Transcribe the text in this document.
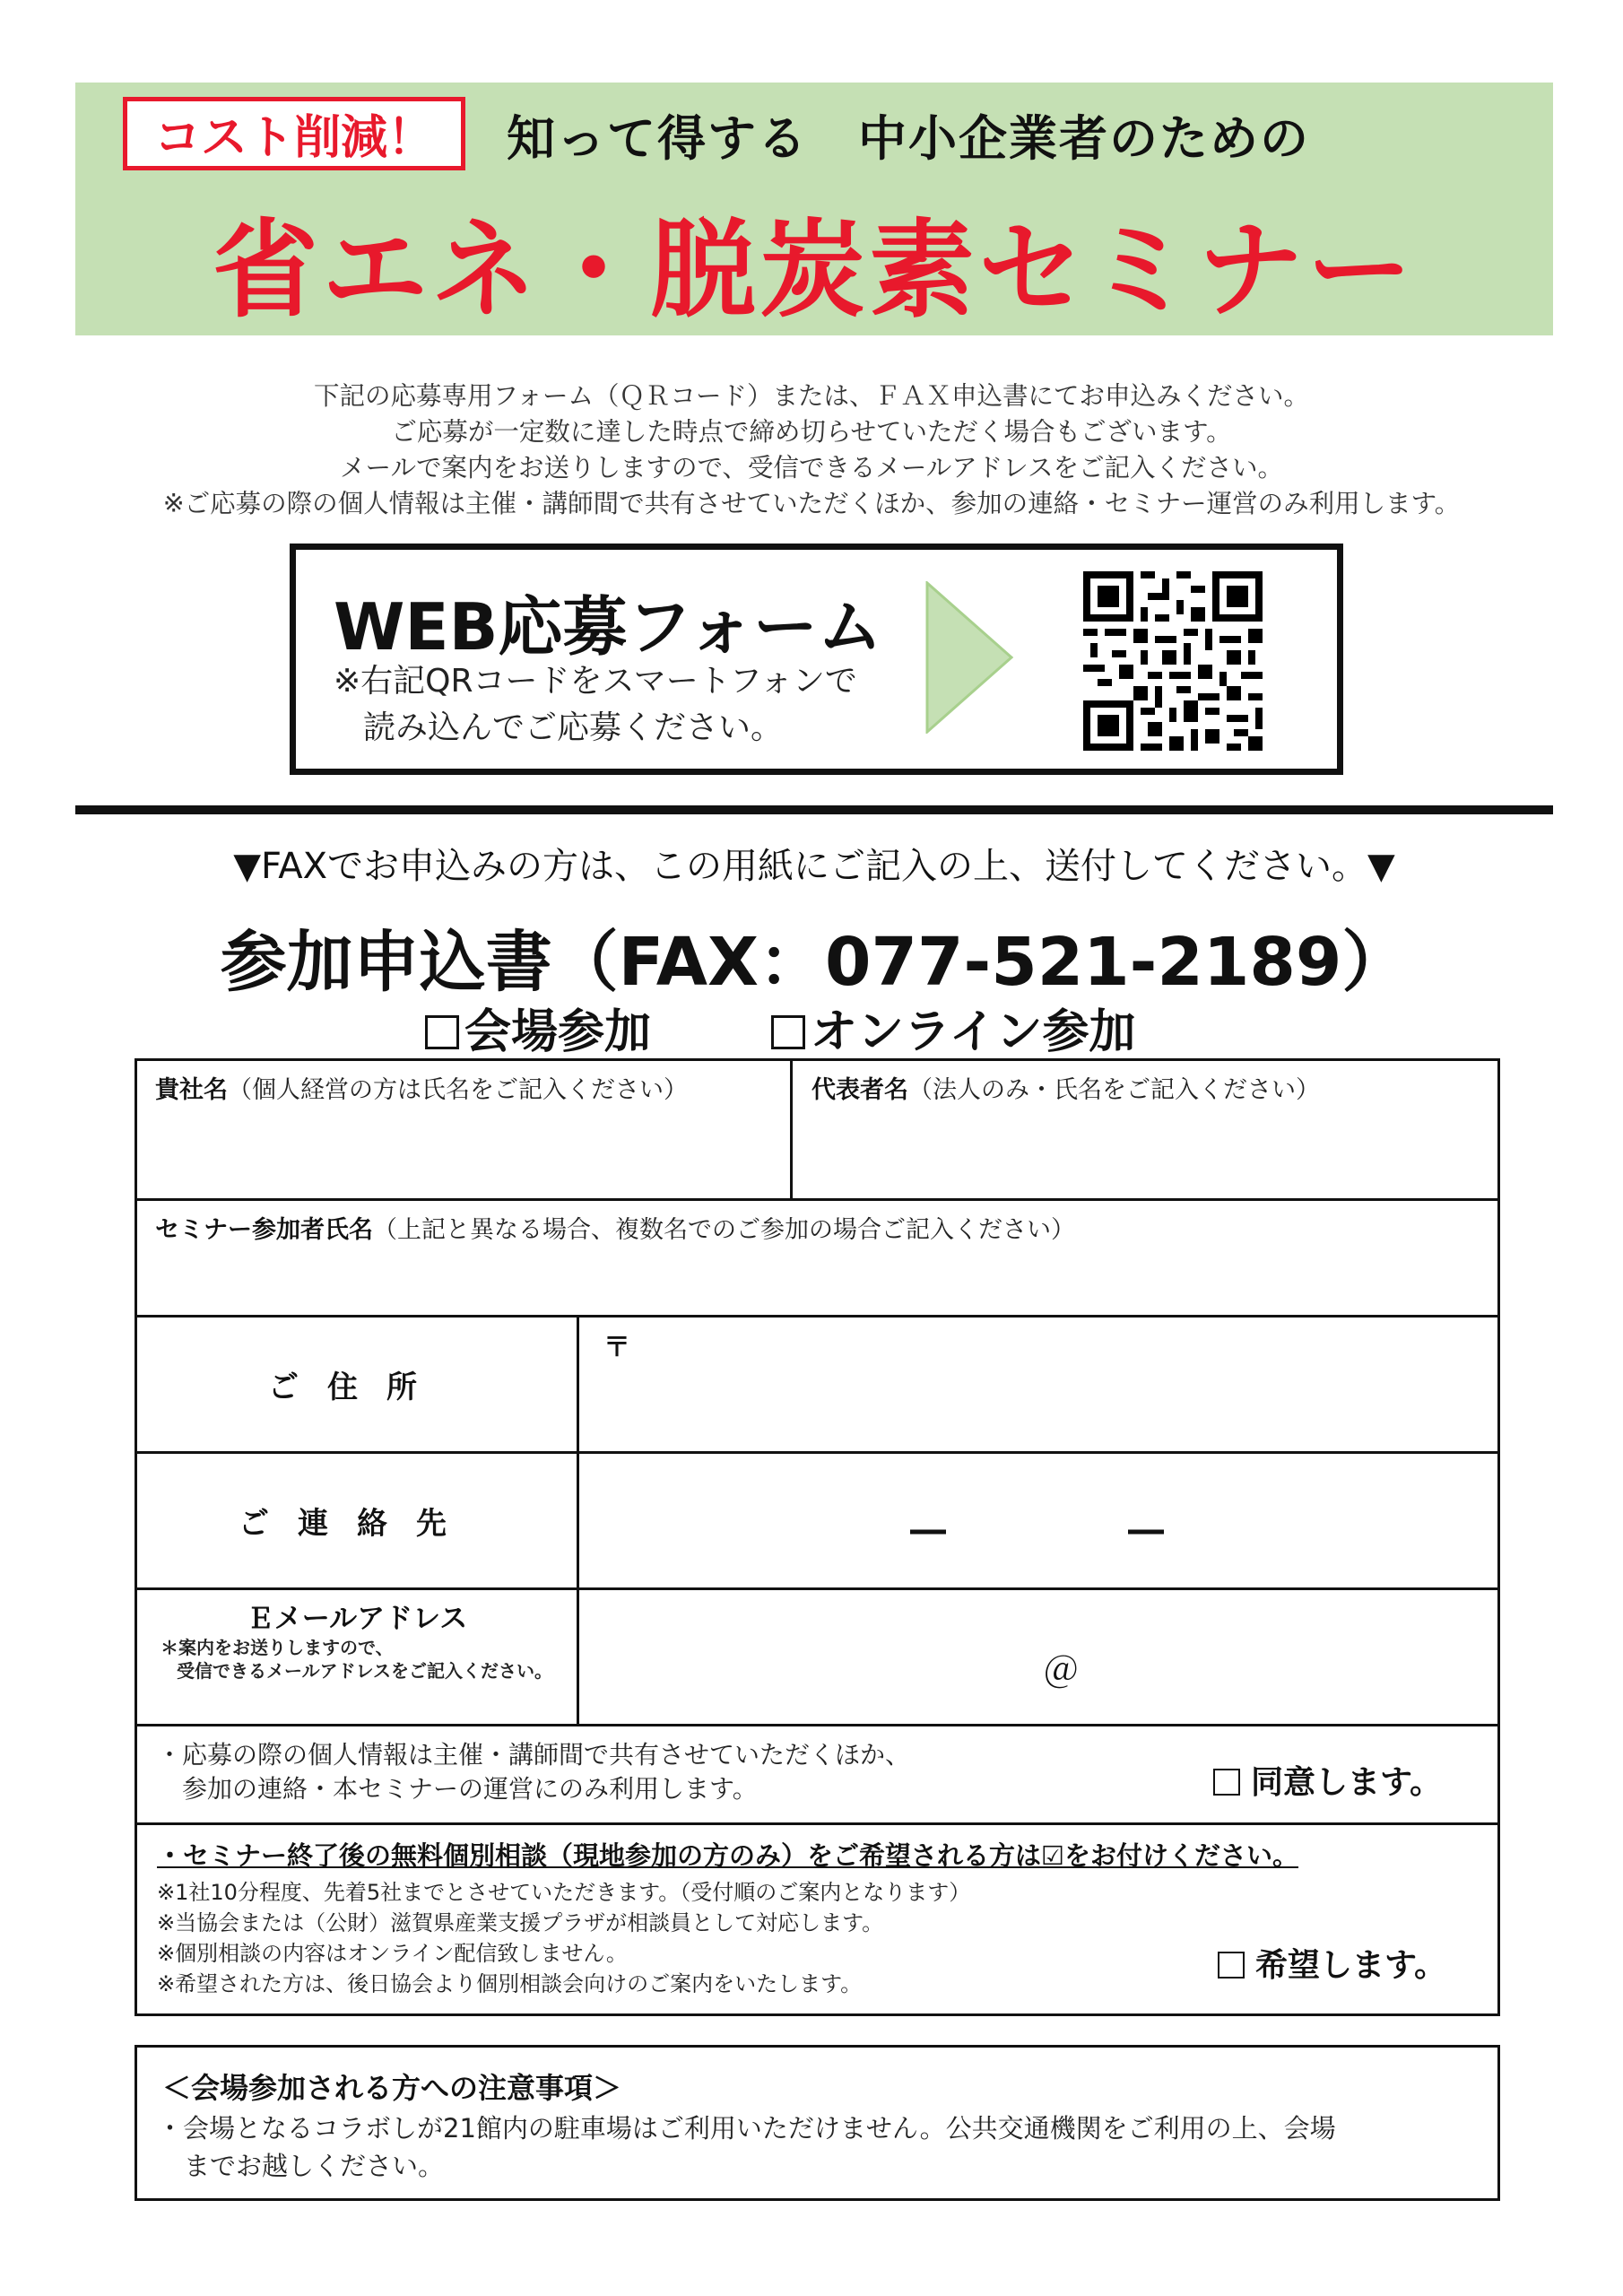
コスト削減！	知って得する　中小企業者のための
省エネ・脱炭素セミナー
下記の応募専用フォーム（ＱＲコード）または、ＦＡＸ申込書にてお申込みください。
ご応募が一定数に達した時点で締め切らせていただく場合もございます。
メールで案内をお送りしますので、受信できるメールアドレスをご記入ください。
※ご応募の際の個人情報は主催・講師間で共有させていただくほか、参加の連絡・セミナー運営のみ利用します。
WEB応募フォーム
※右記QRコードをスマートフォンで
読み込んでご応募ください。
▼FAXでお申込みの方は、この用紙にご記入の上、送付してください。▼
参加申込書（FAX：077-521-2189）
会場参加	オンライン参加
貴社名（個人経営の方は氏名をご記入ください）	代表者名（法人のみ・氏名をご記入ください）
セミナー参加者氏名（上記と異なる場合、複数名でのご参加の場合ご記入ください）
ご住所
〒
ご連絡先	―	―
Ｅメールアドレス
＊案内をお送りしますので、
受信できるメールアドレスをご記入ください。	＠
・応募の際の個人情報は主催・講師間で共有させていただくほか、
参加の連絡・本セミナーの運営にのみ利用します。	同意します。
・セミナー終了後の無料個別相談（現地参加の方のみ）をご希望される方は☑をお付けください。
※1社10分程度、先着5社までとさせていただきます。（受付順のご案内となります）
※当協会または（公財）滋賀県産業支援プラザが相談員として対応します。
※個別相談の内容はオンライン配信致しません。
※希望された方は、後日協会より個別相談会向けのご案内をいたします。	希望します。
＜会場参加される方への注意事項＞
・会場となるコラボしが21館内の駐車場はご利用いただけません。公共交通機関をご利用の上、会場
までお越しください。
